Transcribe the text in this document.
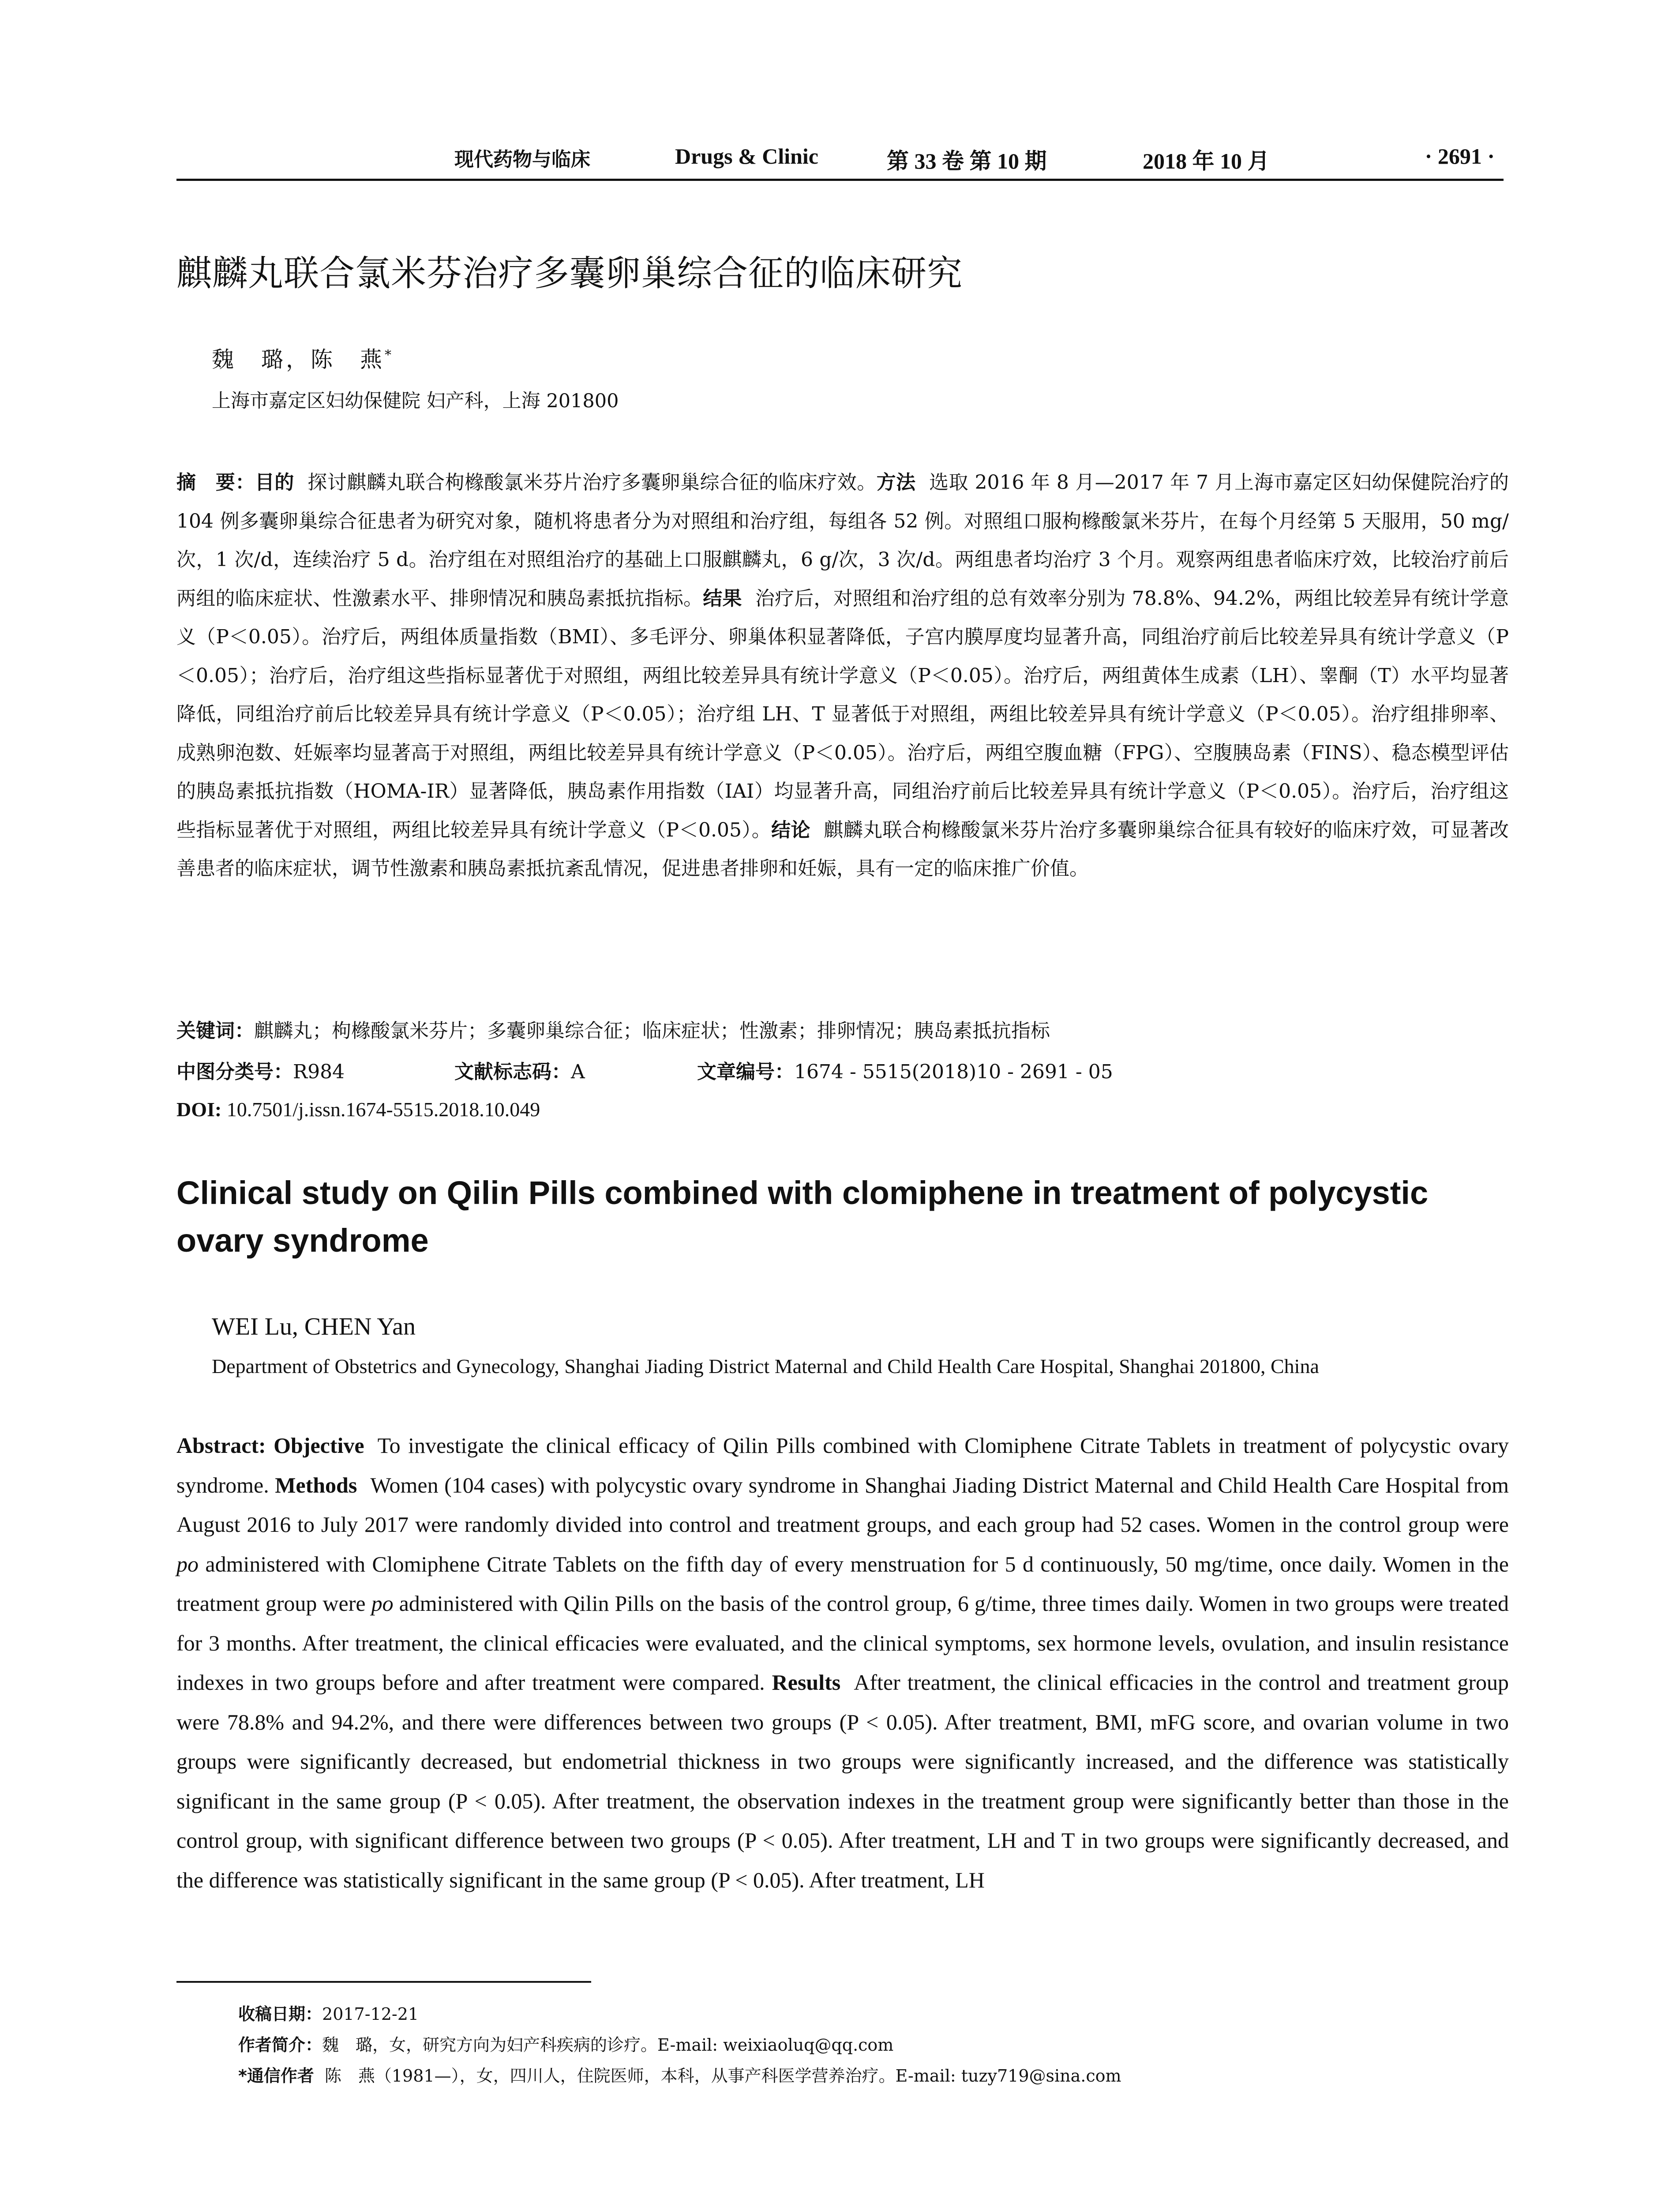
现代药物与临床	Drugs & Clinic	第 33 卷 第 10 期	2018 年 10 月	· 2691 ·
麒麟丸联合氯米芬治疗多囊卵巢综合征的临床研究
魏　璐，陈　燕*
上海市嘉定区妇幼保健院 妇产科，上海 201800

摘　要：目的 探讨麒麟丸联合枸橼酸氯米芬片治疗多囊卵巢综合征的临床疗效。方法 选取 2016 年 8 月—2017 年 7 月上海市嘉定区妇幼保健院治疗的 104 例多囊卵巢综合征患者为研究对象，随机将患者分为对照组和治疗组，每组各 52 例。对照组口服枸橼酸氯米芬片，在每个月经第 5 天服用，50 mg/次，1 次/d，连续治疗 5 d。治疗组在对照组治疗的基础上口服麒麟丸，6 g/次，3 次/d。两组患者均治疗 3 个月。观察两组患者临床疗效，比较治疗前后两组的临床症状、性激素水平、排卵情况和胰岛素抵抗指标。结果 治疗后，对照组和治疗组的总有效率分别为 78.8%、94.2%，两组比较差异有统计学意义（P＜0.05）。治疗后，两组体质量指数（BMI）、多毛评分、卵巢体积显著降低，子宫内膜厚度均显著升高，同组治疗前后比较差异具有统计学意义（P＜0.05）；治疗后，治疗组这些指标显著优于对照组，两组比较差异具有统计学意义（P＜0.05）。治疗后，两组黄体生成素（LH）、睾酮（T）水平均显著降低，同组治疗前后比较差异具有统计学意义（P＜0.05）；治疗组 LH、T 显著低于对照组，两组比较差异具有统计学意义（P＜0.05）。治疗组排卵率、成熟卵泡数、妊娠率均显著高于对照组，两组比较差异具有统计学意义（P＜0.05）。治疗后，两组空腹血糖（FPG）、空腹胰岛素（FINS）、稳态模型评估的胰岛素抵抗指数（HOMA-IR）显著降低，胰岛素作用指数（IAI）均显著升高，同组治疗前后比较差异具有统计学意义（P＜0.05）。治疗后，治疗组这些指标显著优于对照组，两组比较差异具有统计学意义（P＜0.05）。结论 麒麟丸联合枸橼酸氯米芬片治疗多囊卵巢综合征具有较好的临床疗效，可显著改善患者的临床症状，调节性激素和胰岛素抵抗紊乱情况，促进患者排卵和妊娠，具有一定的临床推广价值。

关键词：麒麟丸；枸橼酸氯米芬片；多囊卵巢综合征；临床症状；性激素；排卵情况；胰岛素抵抗指标
中图分类号：R984	文献标志码：A	文章编号：1674 - 5515(2018)10 - 2691 - 05
DOI: 10.7501/j.issn.1674-5515.2018.10.049
Clinical study on Qilin Pills combined with clomiphene in treatment of polycystic ovary syndrome
WEI Lu, CHEN Yan
Department of Obstetrics and Gynecology, Shanghai Jiading District Maternal and Child Health Care Hospital, Shanghai 201800, China

Abstract: Objective To investigate the clinical efficacy of Qilin Pills combined with Clomiphene Citrate Tablets in treatment of polycystic ovary syndrome. Methods Women (104 cases) with polycystic ovary syndrome in Shanghai Jiading District Maternal and Child Health Care Hospital from August 2016 to July 2017 were randomly divided into control and treatment groups, and each group had 52 cases. Women in the control group were po administered with Clomiphene Citrate Tablets on the fifth day of every menstruation for 5 d continuously, 50 mg/time, once daily. Women in the treatment group were po administered with Qilin Pills on the basis of the control group, 6 g/time, three times daily. Women in two groups were treated for 3 months. After treatment, the clinical efficacies were evaluated, and the clinical symptoms, sex hormone levels, ovulation, and insulin resistance indexes in two groups before and after treatment were compared. Results After treatment, the clinical efficacies in the control and treatment group were 78.8% and 94.2%, and there were differences between two groups (P < 0.05). After treatment, BMI, mFG score, and ovarian volume in two groups were significantly decreased, but endometrial thickness in two groups were significantly increased, and the difference was statistically significant in the same group (P < 0.05). After treatment, the observation indexes in the treatment group were significantly better than those in the control group, with significant difference between two groups (P < 0.05). After treatment, LH and T in two groups were significantly decreased, and the difference was statistically significant in the same group (P < 0.05). After treatment, LH

收稿日期：2017-12-21
作者简介：魏　璐，女，研究方向为妇产科疾病的诊疗。E-mail: weixiaoluq@qq.com
*通信作者 陈　燕（1981—），女，四川人，住院医师，本科，从事产科医学营养治疗。E-mail: tuzy719@sina.com
